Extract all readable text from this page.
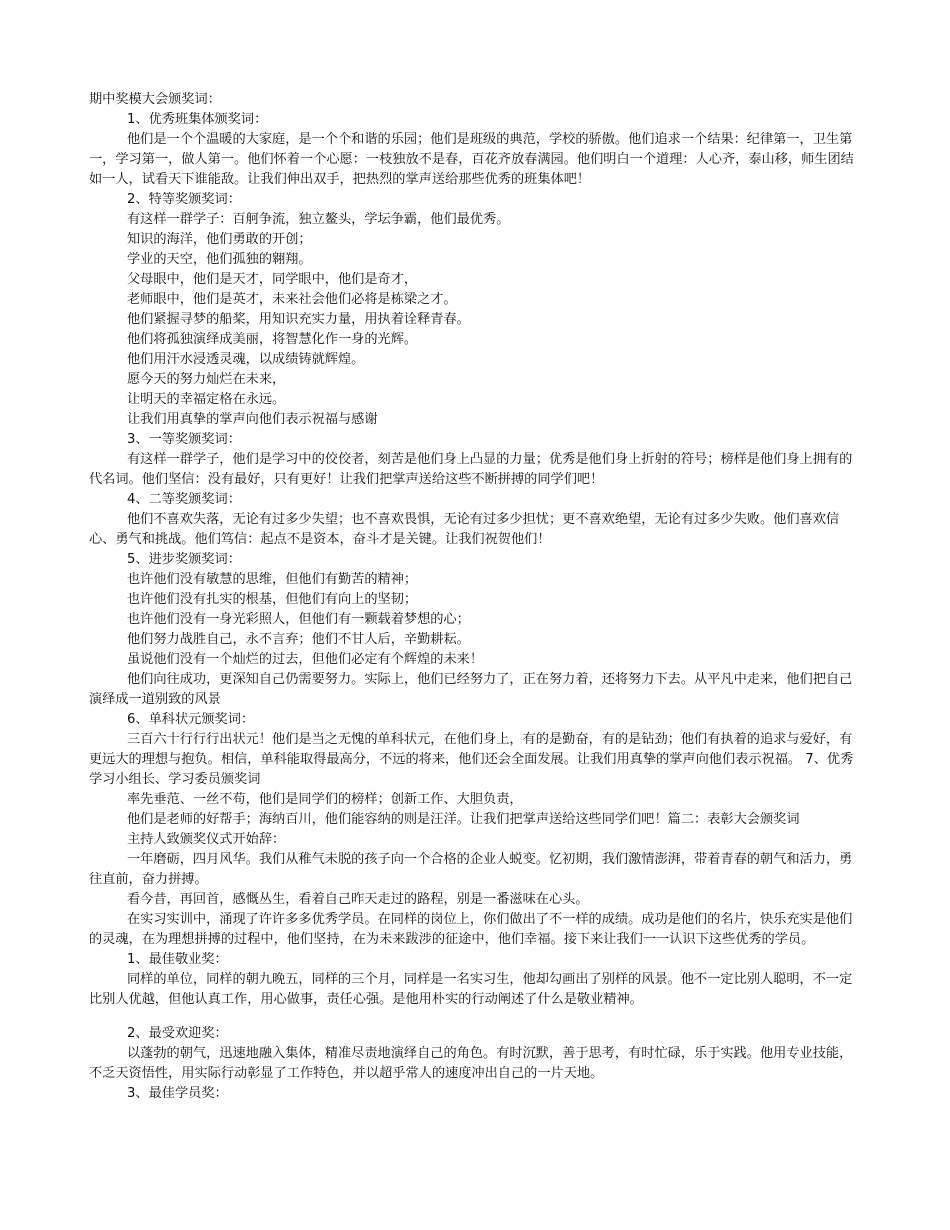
期中奖模大会颁奖词：

1、优秀班集体颁奖词：

他们是一个个温暖的大家庭，是一个个和谐的乐园；他们是班级的典范，学校的骄傲。他们追求一个结果：纪律第一，卫生第一，学习第一，做人第一。他们怀着一个心愿：一枝独放不是春，百花齐放春满园。他们明白一个道理：人心齐，泰山移，师生团结如一人，试看天下谁能敌。让我们伸出双手，把热烈的掌声送给那些优秀的班集体吧！

2、特等奖颁奖词：

有这样一群学子：百舸争流，独立鳌头，学坛争霸，他们最优秀。

知识的海洋，他们勇敢的开创；

学业的天空，他们孤独的翱翔。

父母眼中，他们是天才，同学眼中，他们是奇才，

老师眼中，他们是英才，未来社会他们必将是栋梁之才。

他们紧握寻梦的船桨，用知识充实力量，用执着诠释青春。

他们将孤独演绎成美丽，将智慧化作一身的光辉。

他们用汗水浸透灵魂，以成绩铸就辉煌。

愿今天的努力灿烂在未来，

让明天的幸福定格在永远。

让我们用真挚的掌声向他们表示祝福与感谢

3、一等奖颁奖词：

有这样一群学子，他们是学习中的佼佼者，刻苦是他们身上凸显的力量；优秀是他们身上折射的符号；榜样是他们身上拥有的代名词。他们坚信：没有最好，只有更好！让我们把掌声送给这些不断拼搏的同学们吧！

4、二等奖颁奖词：

他们不喜欢失落，无论有过多少失望；也不喜欢畏惧，无论有过多少担忧；更不喜欢绝望，无论有过多少失败。他们喜欢信心、勇气和挑战。他们笃信：起点不是资本，奋斗才是关键。让我们祝贺他们！

5、进步奖颁奖词：

也许他们没有敏慧的思维，但他们有勤苦的精神；

也许他们没有扎实的根基，但他们有向上的坚韧；

也许他们没有一身光彩照人，但他们有一颗载着梦想的心；

他们努力战胜自己，永不言弃；他们不甘人后，辛勤耕耘。

虽说他们没有一个灿烂的过去，但他们必定有个辉煌的未来！

他们向往成功，更深知自己仍需要努力。实际上，他们已经努力了，正在努力着，还将努力下去。从平凡中走来，他们把自己演绎成一道别致的风景

6、单科状元颁奖词：

三百六十行行行出状元！他们是当之无愧的单科状元，在他们身上，有的是勤奋，有的是钻劲；他们有执着的追求与爱好，有更远大的理想与抱负。相信，单科能取得最高分，不远的将来，他们还会全面发展。让我们用真挚的掌声向他们表示祝福。 7、优秀学习小组长、学习委员颁奖词

率先垂范、一丝不苟，他们是同学们的榜样；创新工作、大胆负责，

他们是老师的好帮手；海纳百川，他们能容纳的则是汪洋。让我们把掌声送给这些同学们吧！篇二：表彰大会颁奖词

主持人致颁奖仪式开始辞：

一年磨砺，四月风华。我们从稚气未脱的孩子向一个合格的企业人蜕变。忆初期，我们激情澎湃，带着青春的朝气和活力，勇往直前，奋力拼搏。

看今昔，再回首，感慨丛生，看着自己昨天走过的路程，别是一番滋味在心头。

在实习实训中，涌现了许许多多优秀学员。在同样的岗位上，你们做出了不一样的成绩。成功是他们的名片，快乐充实是他们的灵魂，在为理想拼搏的过程中，他们坚持，在为未来跋涉的征途中，他们幸福。接下来让我们一一认识下这些优秀的学员。

1、最佳敬业奖：

同样的单位，同样的朝九晚五，同样的三个月，同样是一名实习生，他却勾画出了别样的风景。他不一定比别人聪明，不一定比别人优越，但他认真工作，用心做事，责任心强。是他用朴实的行动阐述了什么是敬业精神。

2、最受欢迎奖：

以蓬勃的朝气，迅速地融入集体，精准尽责地演绎自己的角色。有时沉默，善于思考，有时忙碌，乐于实践。他用专业技能，不乏天资悟性，用实际行动彰显了工作特色，并以超乎常人的速度冲出自己的一片天地。

3、最佳学员奖：
